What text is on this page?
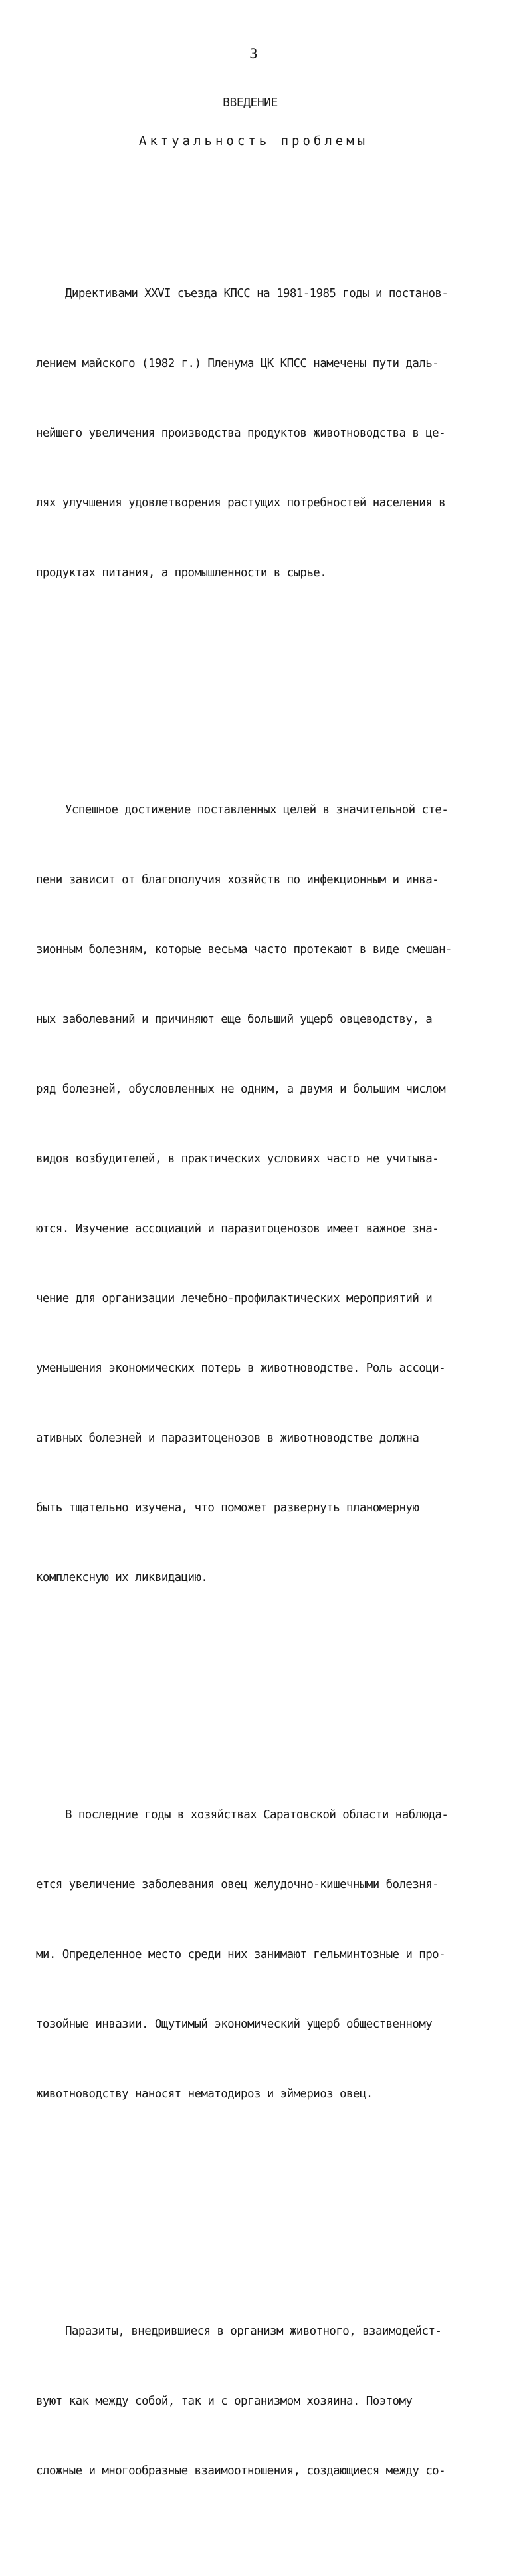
3
ВВЕДЕНИЕ
Актуальность проблемы

Директивами XXVI съезда КПСС на 1981-1985 годы и постанов-

лением майского (1982 г.) Пленума ЦК КПСС намечены пути даль-

нейшего увеличения производства продуктов животноводства в це-

лях улучшения удовлетворения растущих потребностей населения в

продуктах питания, а промышленности в сырье.

Успешное достижение поставленных целей в значительной сте-

пени зависит от благополучия хозяйств по инфекционным и инва-

зионным болезням, которые весьма часто протекают в виде смешан-

ных заболеваний и причиняют еще больший ущерб овцеводству, а

ряд болезней, обусловленных не одним, а двумя и большим числом

видов возбудителей, в практических условиях часто не учитыва-

ются. Изучение ассоциаций и паразитоценозов имеет важное зна-

чение для организации лечебно-профилактических мероприятий и

уменьшения экономических потерь в животноводстве. Роль ассоци-

ативных болезней и паразитоценозов в животноводстве должна

быть тщательно изучена, что поможет развернуть планомерную

комплексную их ликвидацию.

В последние годы в хозяйствах Саратовской области наблюда-

ется увеличение заболевания овец желудочно-кишечными болезня-

ми. Определенное место среди них занимают гельминтозные и про-

тозойные инвазии. Ощутимый экономический ущерб общественному

животноводству наносят нематодироз и эймериоз овец.

Паразиты, внедрившиеся в организм животного, взаимодейст-

вуют как между собой, так и с организмом хозяина. Поэтому

сложные и многообразные взаимоотношения, создающиеся между со-
